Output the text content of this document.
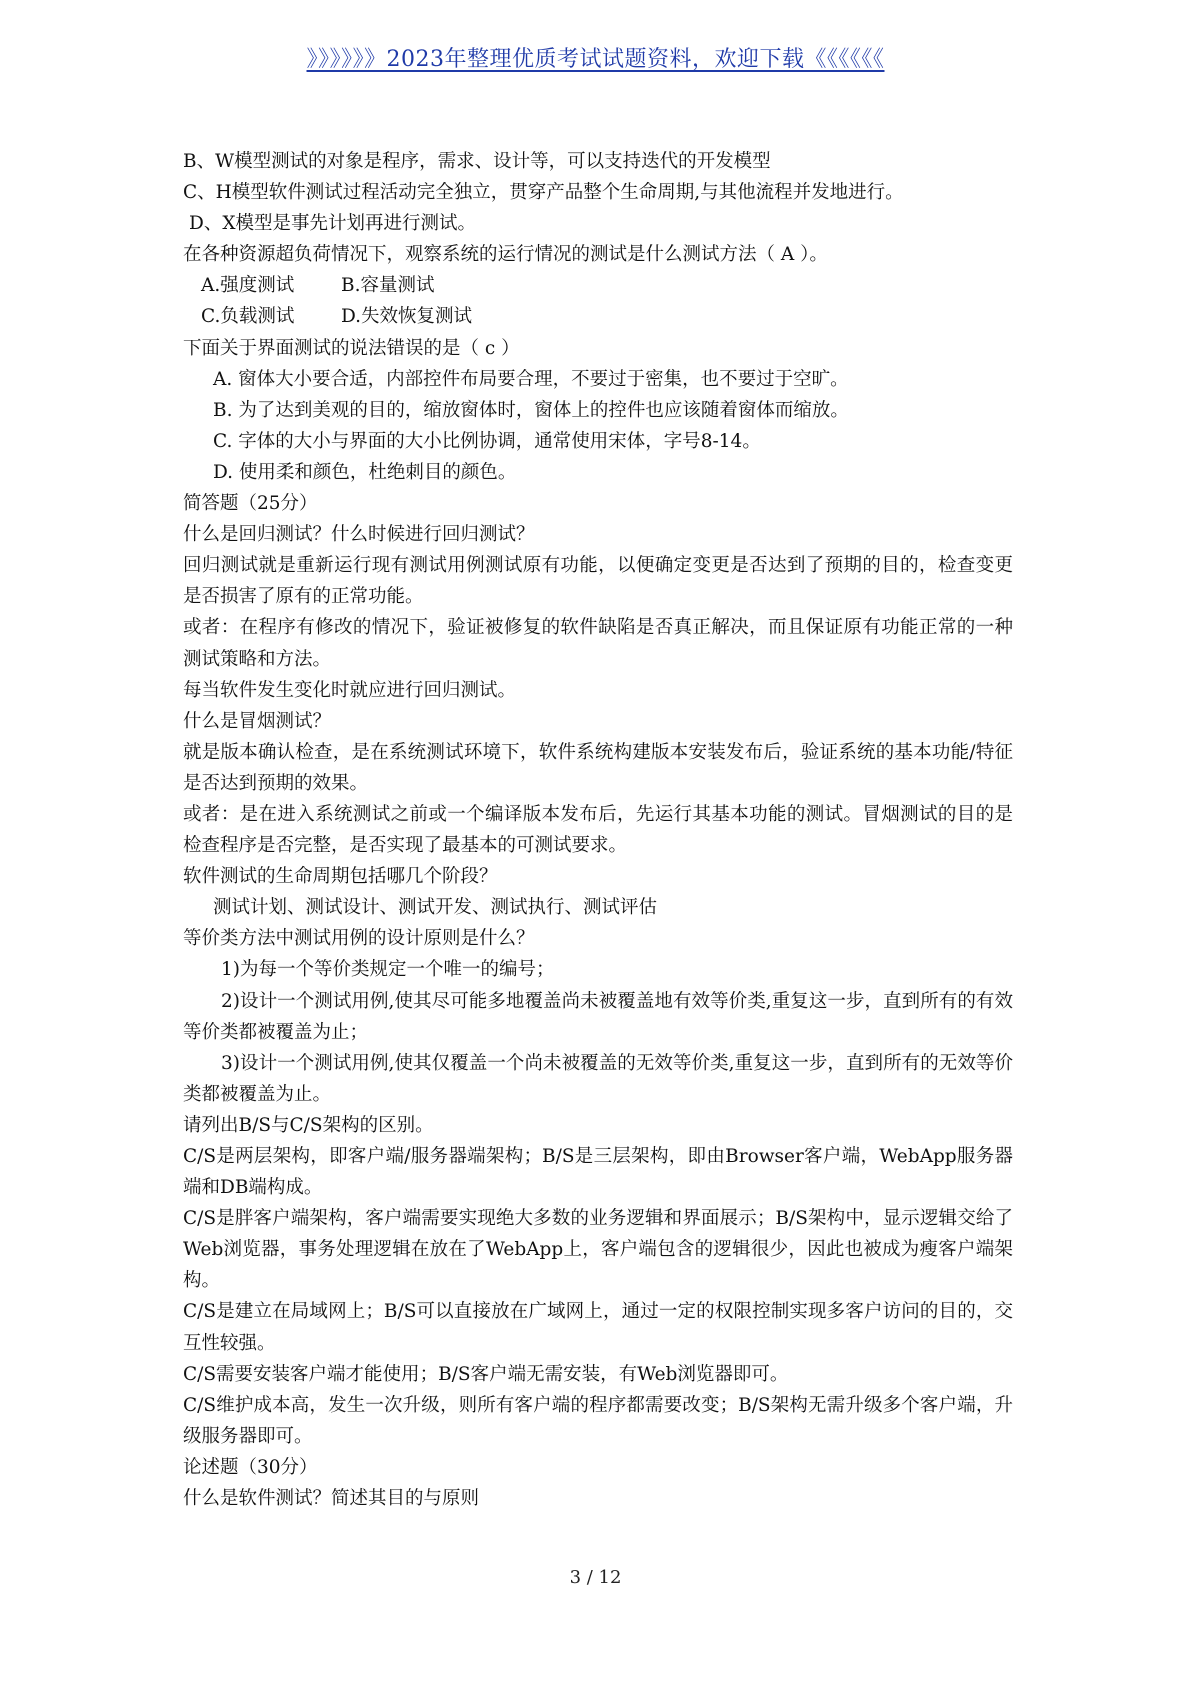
》》》》》》2023年整理优质考试试题资料，欢迎下载《《《《《《

B、W模型测试的对象是程序，需求、设计等，可以支持迭代的开发模型

C、H模型软件测试过程活动完全独立，贯穿产品整个生命周期,与其他流程并发地进行。

D、X模型是事先计划再进行测试。

在各种资源超负荷情况下，观察系统的运行情况的测试是什么测试方法（ A ）。

A.强度测试	B.容量测试

C.负载测试	D.失效恢复测试

下面关于界面测试的说法错误的是（ c ）

A. 窗体大小要合适，内部控件布局要合理，不要过于密集，也不要过于空旷。

B. 为了达到美观的目的，缩放窗体时，窗体上的控件也应该随着窗体而缩放。

C. 字体的大小与界面的大小比例协调，通常使用宋体，字号8-14。

D. 使用柔和颜色，杜绝刺目的颜色。

简答题（25分）

什么是回归测试？什么时候进行回归测试？

回归测试就是重新运行现有测试用例测试原有功能，以便确定变更是否达到了预期的目的，检查变更是否损害了原有的正常功能。

或者：在程序有修改的情况下，验证被修复的软件缺陷是否真正解决，而且保证原有功能正常的一种测试策略和方法。

每当软件发生变化时就应进行回归测试。

什么是冒烟测试？

就是版本确认检查，是在系统测试环境下，软件系统构建版本安装发布后，验证系统的基本功能/特征是否达到预期的效果。

或者：是在进入系统测试之前或一个编译版本发布后，先运行其基本功能的测试。冒烟测试的目的是检查程序是否完整，是否实现了最基本的可测试要求。

软件测试的生命周期包括哪几个阶段？

测试计划、测试设计、测试开发、测试执行、测试评估

等价类方法中测试用例的设计原则是什么？

1)为每一个等价类规定一个唯一的编号；

2)设计一个测试用例,使其尽可能多地覆盖尚未被覆盖地有效等价类,重复这一步，直到所有的有效等价类都被覆盖为止；

3)设计一个测试用例,使其仅覆盖一个尚未被覆盖的无效等价类,重复这一步，直到所有的无效等价类都被覆盖为止。

请列出B/S与C/S架构的区别。

C/S是两层架构，即客户端/服务器端架构；B/S是三层架构，即由Browser客户端，WebApp服务器端和DB端构成。

C/S是胖客户端架构，客户端需要实现绝大多数的业务逻辑和界面展示；B/S架构中，显示逻辑交给了Web浏览器，事务处理逻辑在放在了WebApp上，客户端包含的逻辑很少，因此也被成为瘦客户端架构。

C/S是建立在局域网上；B/S可以直接放在广域网上，通过一定的权限控制实现多客户访问的目的，交互性较强。

C/S需要安装客户端才能使用；B/S客户端无需安装，有Web浏览器即可。

C/S维护成本高，发生一次升级，则所有客户端的程序都需要改变；B/S架构无需升级多个客户端，升级服务器即可。

论述题（30分）

什么是软件测试？简述其目的与原则

3 / 12
